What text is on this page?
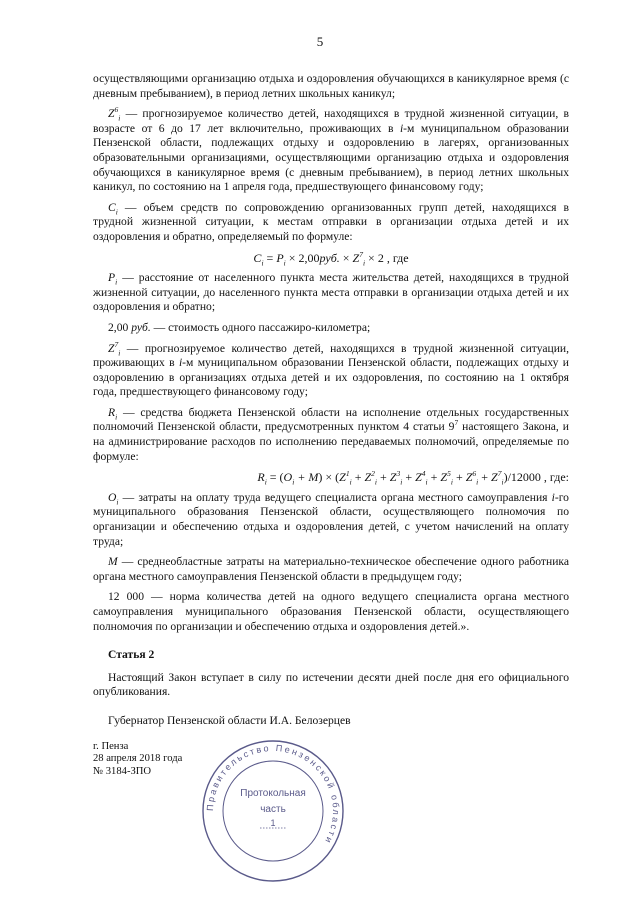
5
осуществляющими организацию отдыха и оздоровления обучающихся в каникулярное время (с дневным пребыванием), в период летних школьных каникул;
$Z^6_i$ — прогнозируемое количество детей, находящихся в трудной жизненной ситуации, в возрасте от 6 до 17 лет включительно, проживающих в i-м муниципальном образовании Пензенской области, подлежащих отдыху и оздоровлению в лагерях, организованных образовательными организациями, осуществляющими организацию отдыха и оздоровления обучающихся в каникулярное время (с дневным пребыванием), в период летних школьных каникул, по состоянию на 1 апреля года, предшествующего финансовому году;
$C_i$ — объем средств по сопровождению организованных групп детей, находящихся в трудной жизненной ситуации, к местам отправки в организации отдыха детей и их оздоровления и обратно, определяемый по формуле:
$C_i = P_i \times 2,00руб$. × $Z^7_i \times 2$ , где
$P_i$ — расстояние от населенного пункта места жительства детей, находящихся в трудной жизненной ситуации, до населенного пункта места отправки в организации отдыха детей и их оздоровления и обратно;
2,00 руб. — стоимость одного пассажиро-километра;
$Z^7_i$ — прогнозируемое количество детей, находящихся в трудной жизненной ситуации, проживающих в i-м муниципальном образовании Пензенской области, подлежащих отдыху и оздоровлению в организациях отдыха детей и их оздоровления, по состоянию на 1 октября года, предшествующего финансовому году;
$R_i$ — средства бюджета Пензенской области на исполнение отдельных государственных полномочий Пензенской области, предусмотренных пунктом 4 статьи $9^7$ настоящего Закона, и на администрирование расходов по исполнению передаваемых полномочий, определяемые по формуле:
$R_i = (O_i + M) \times (Z^1_i + Z^2_i + Z^3_i + Z^4_i + Z^5_i + Z^6_i + Z^7_i)/12000$ , где:
$O_i$ — затраты на оплату труда ведущего специалиста органа местного самоуправления i-го муниципального образования Пензенской области, осуществляющего полномочия по организации и обеспечению отдыха и оздоровления детей, с учетом начислений на оплату труда;
M — среднеобластные затраты на материально-техническое обеспечение одного работника органа местного самоуправления Пензенской области в предыдущем году;
12 000 — норма количества детей на одного ведущего специалиста органа местного самоуправления муниципального образования Пензенской области, осуществляющего полномочия по организации и обеспечению отдыха и оздоровления детей.».
Статья 2
Настоящий Закон вступает в силу по истечении десяти дней после дня его официального опубликования.
Губернатор Пензенской области И.А. Белозерцев
г. Пенза
28 апреля 2018 года
№ 3184-ЗПО
Правительство Пензенской области
Протокольная
часть
1
